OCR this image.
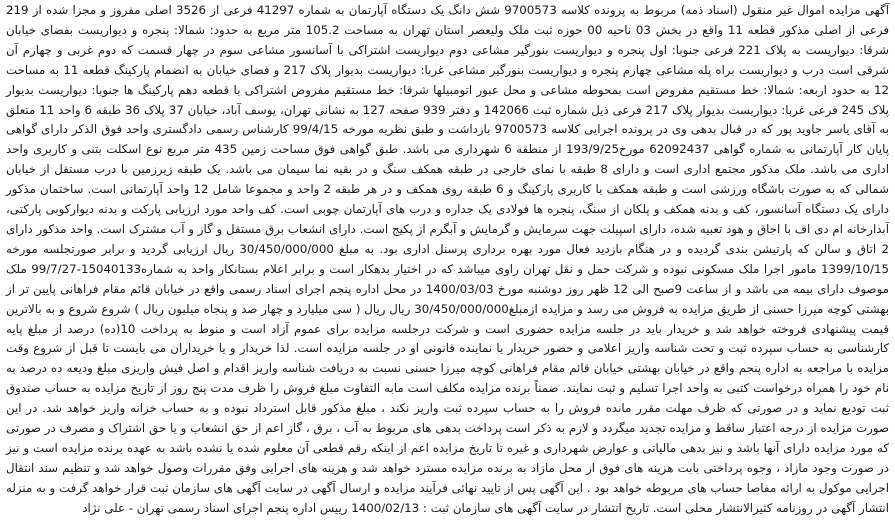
آگهی مزایده اموال غیر منقول (اسناد ذمه) مربوط به پرونده کلاسه 9700573 شش دانگ یک دستگاه آپارتمان به شماره 41297 فرعی از 3526 اصلی مفروز و مجزا شده از 219 فرعی از اصلی مذکور قطعه 11 واقع در بخش 03 ناحیه 00 حوزه ثبت ملک ولیعصر استان تهران به مساحت 105.2 متر مربع به حدود: شمالا: پنجره و دیواریست بفضای خیابان شرقا: دیواریست به پلاک 221 فرعی جنوبا: اول پنجره و دیواریست بنورگیر مشاعی دوم دیواریست اشتراکی با آسانسور مشاعی سوم در چهار قسمت که دوم غربی و چهارم آن شرقی است درب و دیواریست براه پله مشاعی چهارم پنجره و دیواریست بنورگیر مشاعی غربا: دیواریست بدیوار پلاک 217 و فضای خیابان به انضمام پارکینگ قطعه 11 به مساحت 12 به حدود اربعه: شمالا: خط مستقیم مفروض است بمحوطه مشاعی و محل عبور اتومبیلها شرقا: خط مستقیم مفروض اشتراکی با قطعه دهم پارکینگ ها جنوبا: دیواریست بدیوار پلاک 245 فرعی غربا: دیواریست بدیوار پلاک 217 فرعی ذیل شماره ثبت 142066 و دفتر 939 صفحه 127 به نشانی تهران، یوسف آباد، خیابان 37 پلاک 36 طبقه 6 واحد 11 متعلق به آقای یاسر جاوید پور که در قبال بدهی وی در پرونده اجرایی کلاسه 9700573 بازداشت و طبق نظریه مورخه 99/4/15 کارشناس رسمی دادگستری واحد فوق الذکر دارای گواهی پایان کار آپارتمانی به شماره گواهی 62092437 مورخ193/9/25 از منطقه 6 شهرداری می باشد. طبق گواهی فوق مساحت زمین 435 متر مربع نوع اسکلت بتنی و کاربری واحد اداری می باشد. ملک مذکور مجتمع اداری است و دارای 8 طبقه با نمای خارجی در طبقه همکف سنگ و در بقیه نما سیمان می باشد. یک طبقه زیرزمین با درب مستقل از خیابان شمالی که به صورت باشگاه ورزشی است و طبقه همکف با کاربری پارکینگ و 6 طبقه روی همکف و در هر طبقه 2 واحد و مجموعا شامل 12 واحد آپارتمانی است. ساختمان مذکور دارای یک دستگاه آسانسور، کف و بدنه همکف و پلکان از سنگ، پنجره ها فولادی یک جداره و درب های آپارتمان چوبی است. کف واحد مورد ارزیابی پارکت و بدنه دیوارکوبی پارکتی، آبدارخانه ام دی اف با اجاق و هود تعبیه شده، دارای اسپیلت جهت سرمایش و گرمایش و آبگرم از پکیج است. دارای انشعاب برق مستقل و گاز و آب مشترک است. واحد مذکور دارای 2 اتاق و سالن که پارتیشن بندی گردیده و در هنگام بازدید فعال مورد بهره برداری پرسنل اداری بود. به مبلغ 30/450/000/000 ریال ارزیابی گردید و برابر صورتجلسه مورخه 1399/10/15 مامور اجرا ملک مسکونی نبوده و شرکت حمل و نقل تهران راوی میباشد که در اختیار بدهکار است و برابر اعلام بستانکار واحد به شماره15040133-99/7/27 ملک موصوف دارای بیمه می باشد و از ساعت 9صبح الی 12 ظهر روز دوشنبه مورخ 1400/03/03 در محل اداره پنجم اجرای اسناد رسمی واقع در خیابان قائم مقام فراهانی پایین تر از بهشتی کوچه میرزا حسنی از طریق مزایده به فروش می رسد و مزایده ازمبلغ30/450/000/000 ریال ریال ( سی میلیارد و چهار صد و پنجاه میلیون ریال ) شروع شروع و به بالاترین قیمت پیشنهادی فروخته خواهد شد و خریدار باید در جلسه مزایده حضوری است و شرکت درجلسه مزایده برای عموم آزاد است و منوط به پرداخت 10(ده) درصد از مبلغ پایه کارشناسی به حساب سپرده ثبت و تحت شناسه واریز اعلامی و حضور خریدار یا نماینده قانونی او در جلسه مزایده است. لذا خریدار و یا خریداران می بایست تا قبل از شروع وقت مزایده با مراجعه به اداره پنجم واقع در خیابان بهشتی خیابان قائم مقام فراهانی کوچه میرزا حسنی نسبت به دریافت شناسه واریز اقدام و اصل فیش واریزی مبلغ ودیعه ده درصد به نام خود را همراه درخواست کتبی به واحد اجرا تسلیم و ثبت نمایند. ضمناً برنده مزایده مکلف است مابه التفاوت مبلغ فروش را ظرف مدت پنج روز از تاریخ مزایده به حساب صندوق ثبت تودیع نماید و در صورتی که ظرف مهلت مقرر مانده فروش را به حساب سپرده ثبت واریز نکند ، مبلغ مذکور قابل استرداد نبوده و به حساب خزانه واریز خواهد شد. در این صورت مزایده از درجه اعتبار ساقط و مزایده تجدید میگردد و لازم به ذکر است پرداخت بدهی های مربوط به آب ، برق ، گاز اعم از حق انشعاب و یا حق اشتراک و مصرف در صورتی که مورد مزایده دارای آنها باشد و نیز بدهی مالیاتی و عوارض شهرداری و غیره تا تاریخ مزایده اعم از اینکه رقم قطعی آن معلوم شده یا نشده باشد به عهده برنده مزایده است و نیز در صورت وجود مازاد ، وجوه پرداختی بابت هزینه های فوق از محل مازاد به برنده مزایده مسترد خواهد شد و هزینه های اجرایی وفق مقررات وصول خواهد شد و تنظیم سند انتقال اجرایی موکول به ارائه مفاصا حساب های مربوطه خواهد بود . این آگهی پس از تایید نهائی فرآیند مزایده و ارسال آگهی در سایت آگهی های سازمان ثبت قرار خواهد گرفت و به منزله انتشار آگهی در روزنامه کثیرالانتشار محلی است. تاریخ انتشار در سایت آگهی های سازمان ثبت : 1400/02/13 رییس اداره پنجم اجرای اسناد رسمی تهران - علی نژاد
